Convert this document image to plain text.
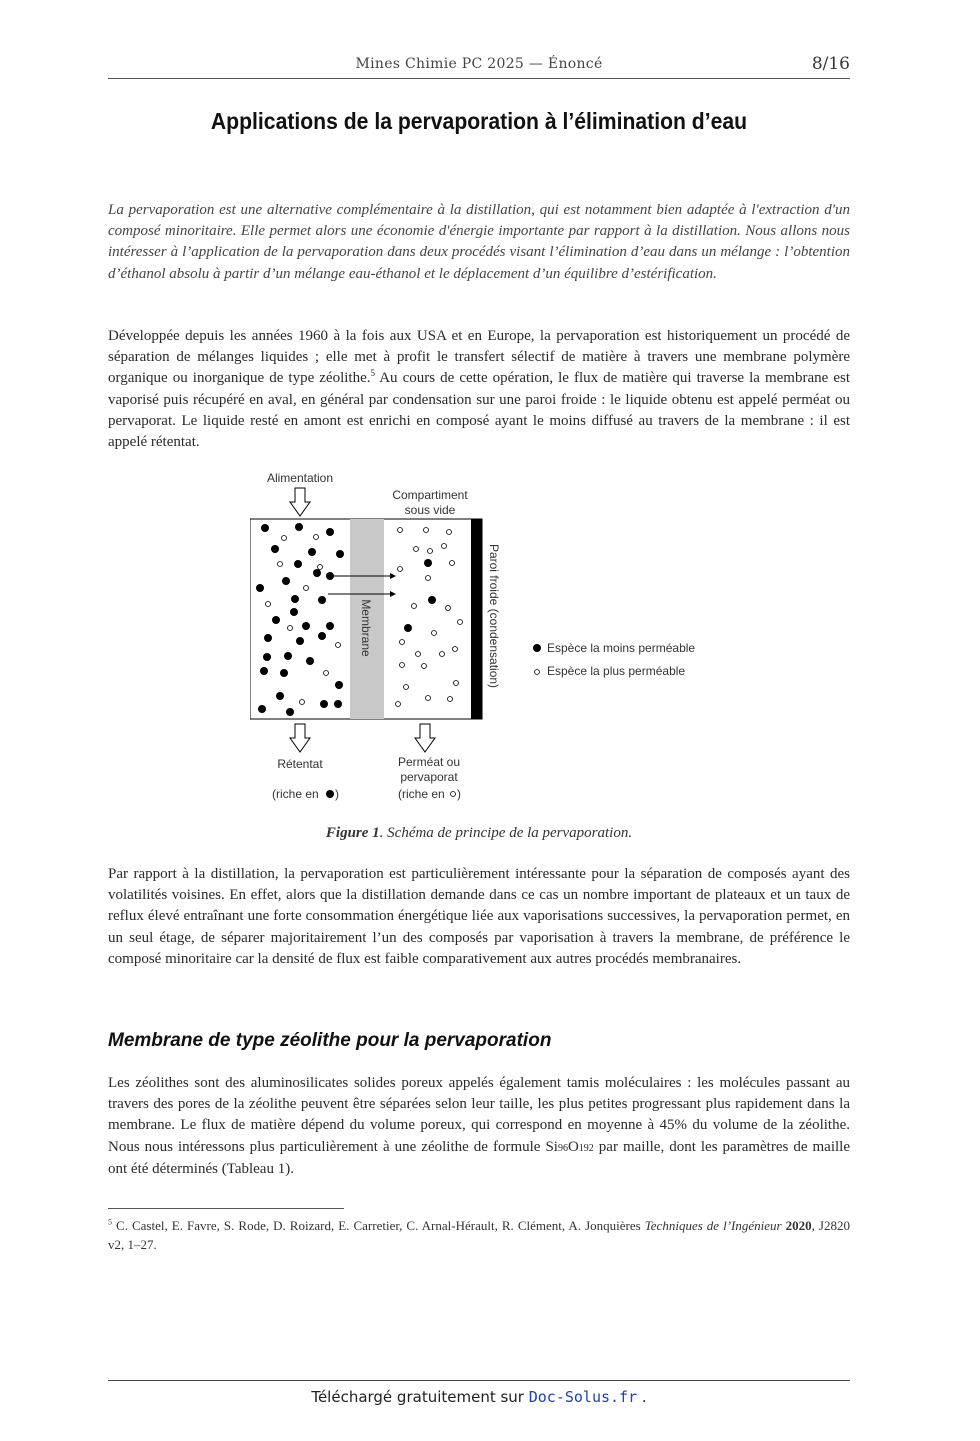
Mines Chimie PC 2025 — Énoncé	8/16
Applications de la pervaporation à l’élimination d’eau

La pervaporation est une alternative complémentaire à la distillation, qui est notamment bien adaptée à l'extraction d'un composé minoritaire. Elle permet alors une économie d'énergie importante par rapport à la distillation. Nous allons nous intéresser à l’application de la pervaporation dans deux procédés visant l’élimination d’eau dans un mélange : l’obtention d’éthanol absolu à partir d’un mélange eau-éthanol et le déplacement d’un équilibre d’estérification.

Développée depuis les années 1960 à la fois aux USA et en Europe, la pervaporation est historiquement un procédé de séparation de mélanges liquides ; elle met à profit le transfert sélectif de matière à travers une membrane polymère organique ou inorganique de type zéolithe.$^5$ Au cours de cette opération, le flux de matière qui traverse la membrane est vaporisé puis récupéré en aval, en général par condensation sur une paroi froide : le liquide obtenu est appelé perméat ou pervaporat. Le liquide resté en amont est enrichi en composé ayant le moins diffusé au travers de la membrane : il est appelé rétentat.

Alimentation
Compartiment
sous vide
Membrane	Paroi froide (condensation)	Espèce la moins perméable
Espèce la plus perméable
Rétentat
(riche en )
Perméat ou
pervaporat
(riche en )
Figure 1. Schéma de principe de la pervaporation.

Par rapport à la distillation, la pervaporation est particulièrement intéressante pour la séparation de composés ayant des volatilités voisines. En effet, alors que la distillation demande dans ce cas un nombre important de plateaux et un taux de reflux élevé entraînant une forte consommation énergétique liée aux vaporisations successives, la pervaporation permet, en un seul étage, de séparer majoritairement l’un des composés par vaporisation à travers la membrane, de préférence le composé minoritaire car la densité de flux est faible comparativement aux autres procédés membranaires.

Membrane de type zéolithe pour la pervaporation

Les zéolithes sont des aluminosilicates solides poreux appelés également tamis moléculaires : les molécules passant au travers des pores de la zéolithe peuvent être séparées selon leur taille, les plus petites progressant plus rapidement dans la membrane. Le flux de matière dépend du volume poreux, qui correspond en moyenne à 45% du volume de la zéolithe. Nous nous intéressons plus particulièrement à une zéolithe de formule Si96O192 par maille, dont les paramètres de maille ont été déterminés (Tableau 1).

$^5$ C. Castel, E. Favre, S. Rode, D. Roizard, E. Carretier, C. Arnal-Hérault, R. Clément, A. Jonquières Techniques de l’Ingénieur 2020, J2820 v2, 1–27.

Téléchargé gratuitement sur Doc-Solus.fr .
